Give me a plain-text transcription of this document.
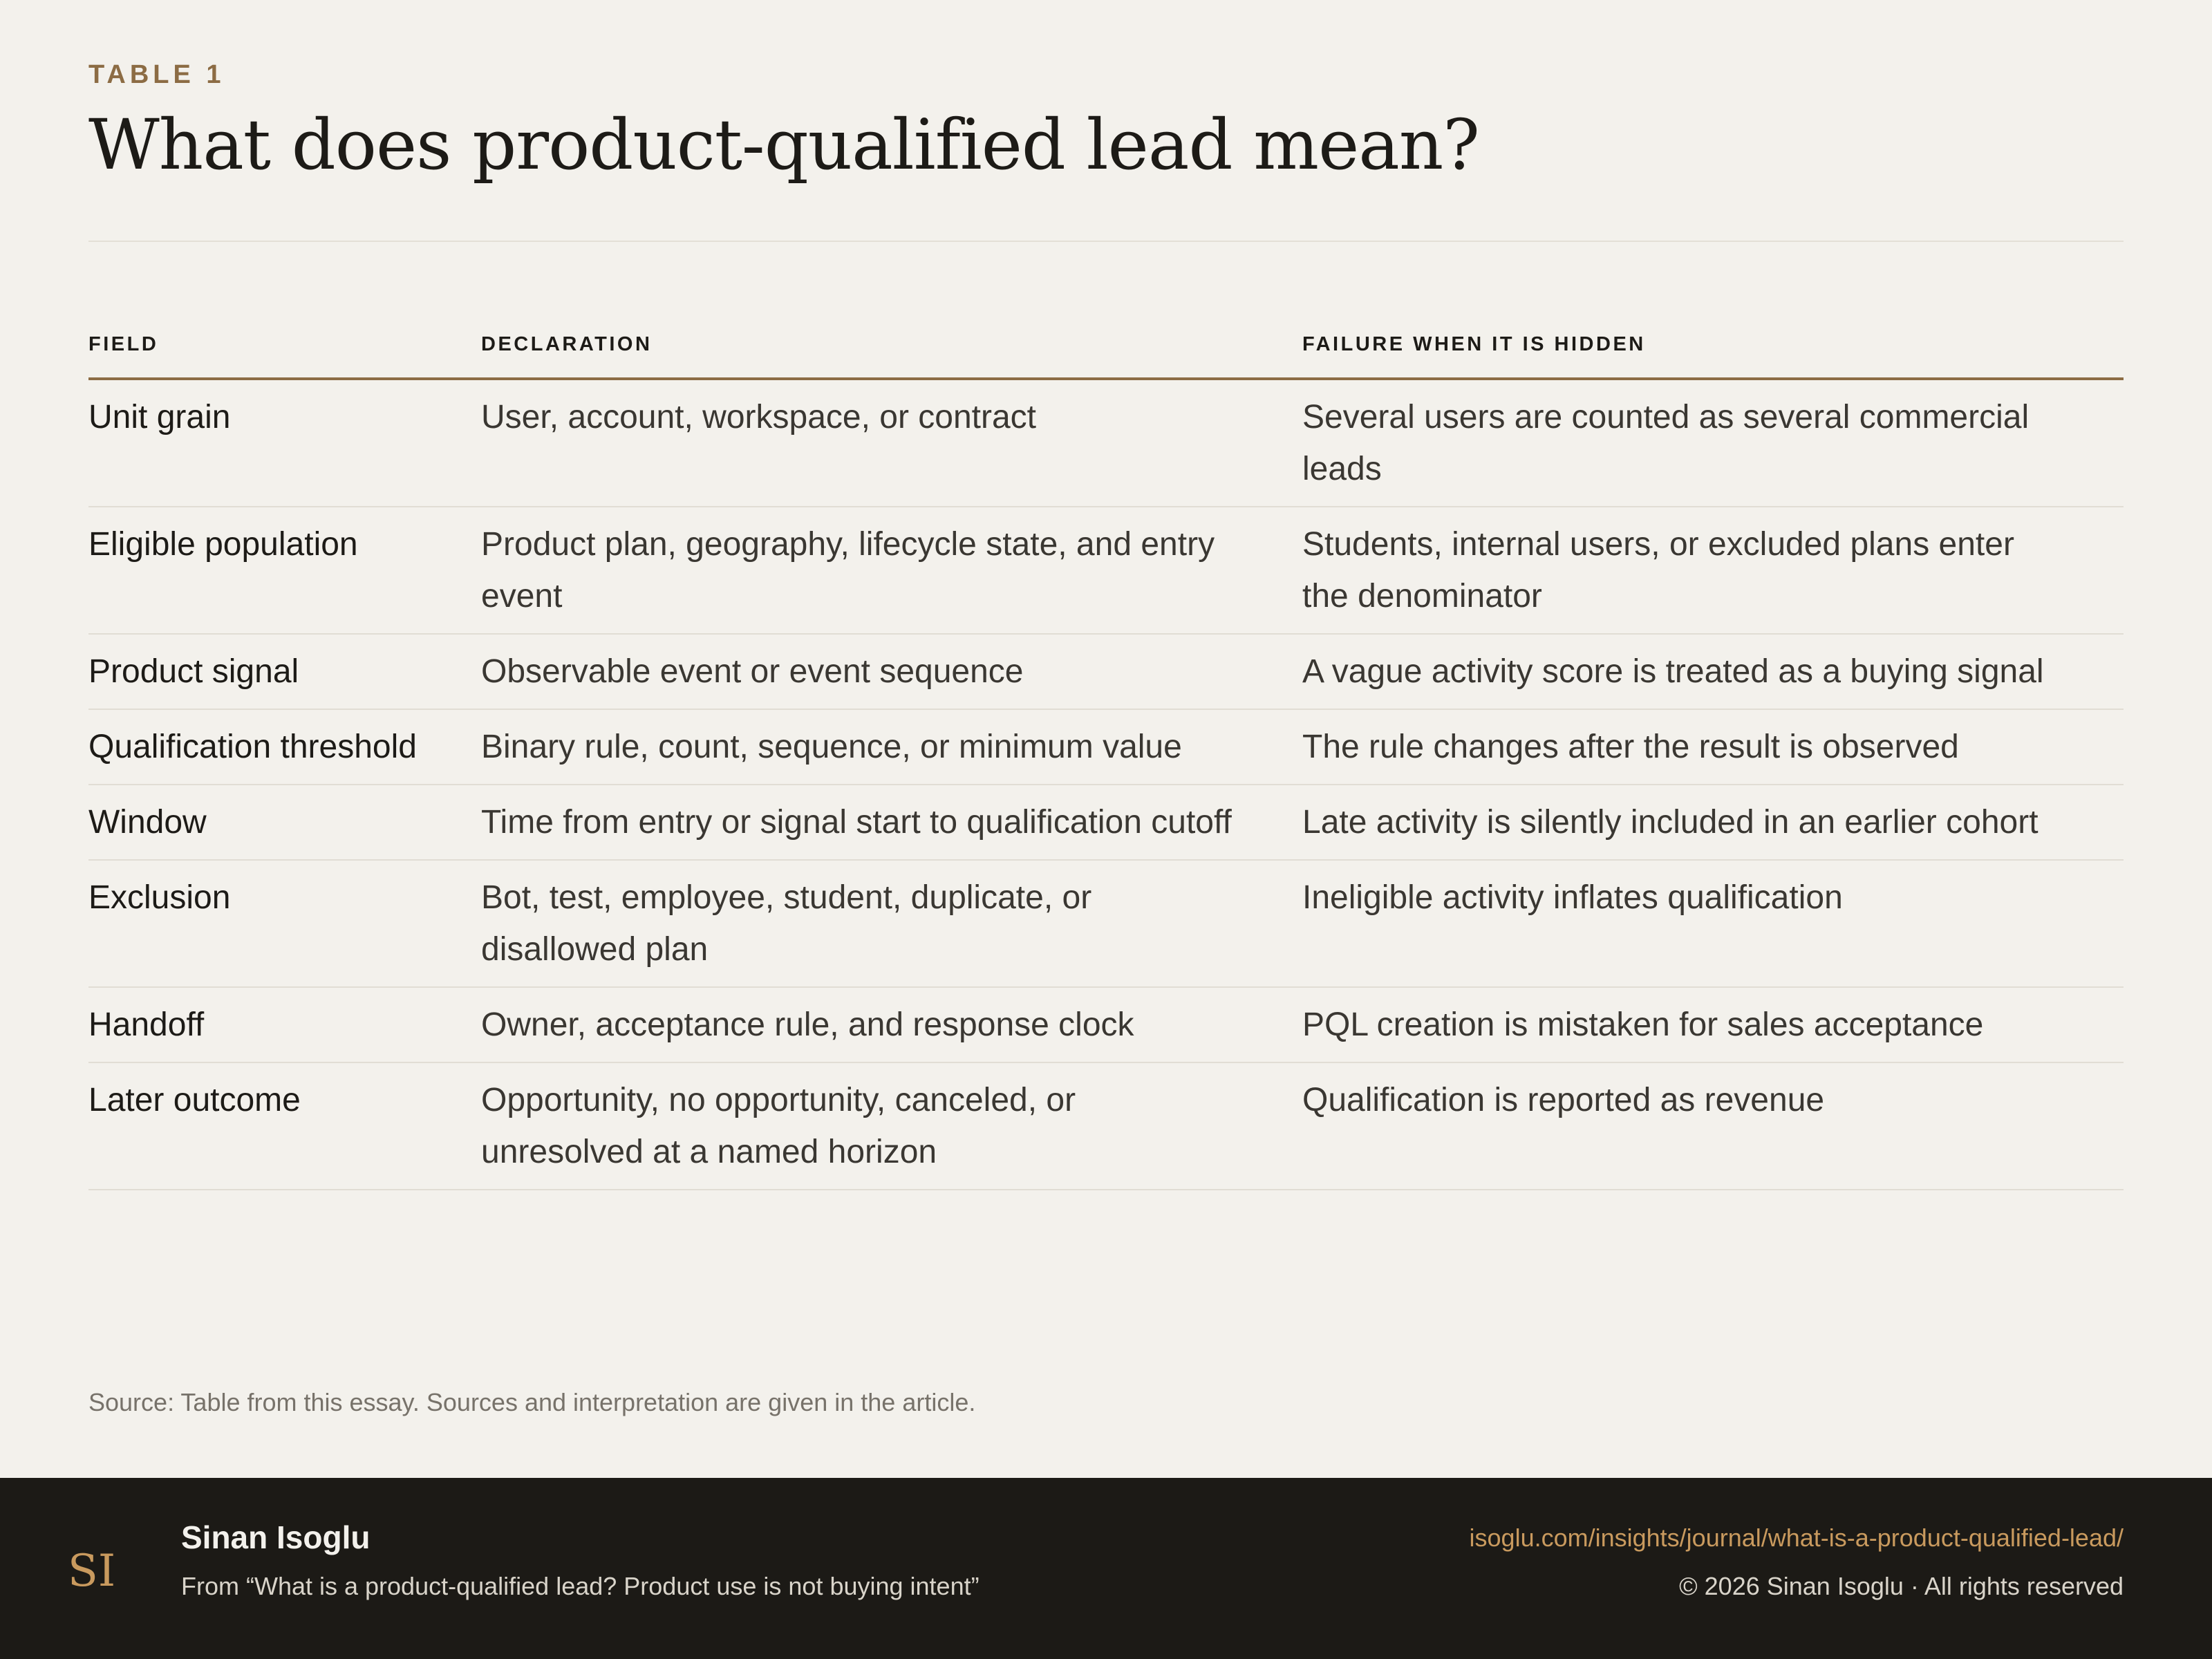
TABLE 1
What does product-qualified lead mean?
FIELD	DECLARATION	FAILURE WHEN IT IS HIDDEN
Unit grain	User, account, workspace, or contract	Several users are counted as several commercial leads
Eligible population	Product plan, geography, lifecycle state, and entry event	Students, internal users, or excluded plans enter the denominator
Product signal	Observable event or event sequence	A vague activity score is treated as a buying signal
Qualification threshold	Binary rule, count, sequence, or minimum value	The rule changes after the result is observed
Window	Time from entry or signal start to qualification cutoff	Late activity is silently included in an earlier cohort
Exclusion	Bot, test, employee, student, duplicate, or disallowed plan	Ineligible activity inflates qualification
Handoff	Owner, acceptance rule, and response clock	PQL creation is mistaken for sales acceptance
Later outcome	Opportunity, no opportunity, canceled, or unresolved at a named horizon	Qualification is reported as revenue
Source: Table from this essay. Sources and interpretation are given in the article.
SI
Sinan Isoglu
From “What is a product-qualified lead? Product use is not buying intent”
isoglu.com/insights/journal/what-is-a-product-qualified-lead/
© 2026 Sinan Isoglu · All rights reserved
